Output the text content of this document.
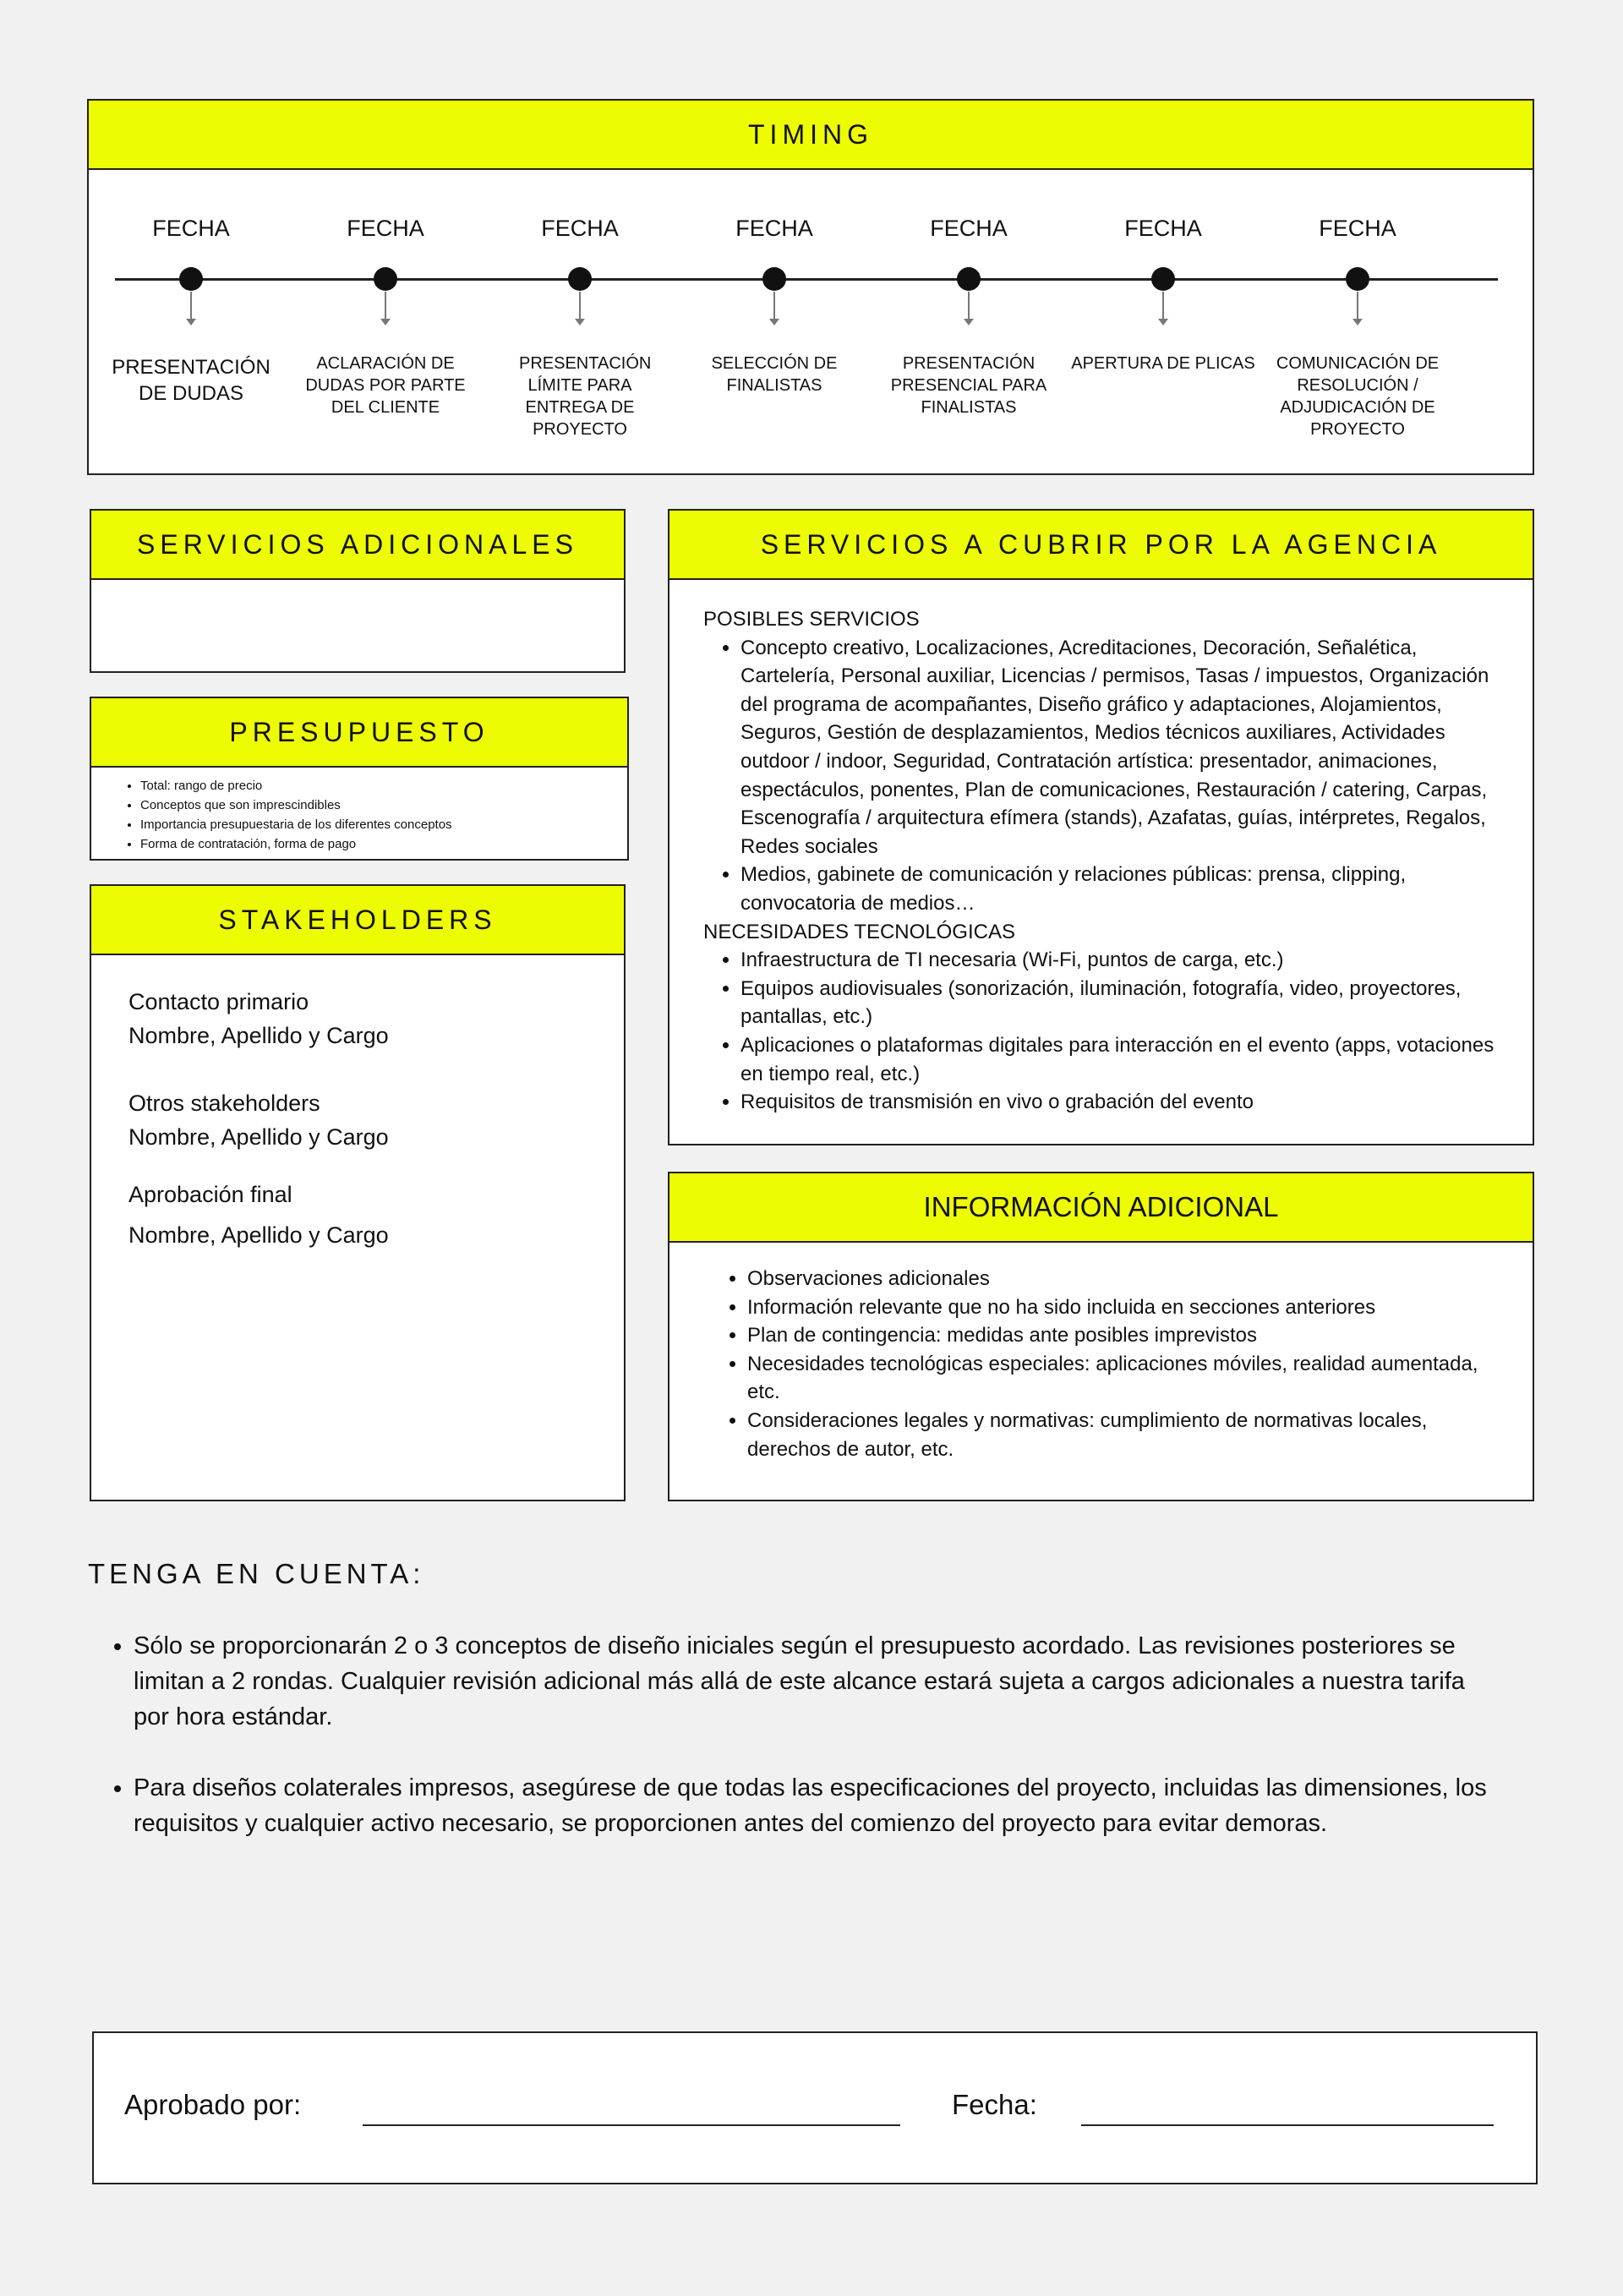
TIMING
FECHA
PRESENTACIÓN DE DUDAS
FECHA
ACLARACIÓN DE DUDAS POR PARTE DEL CLIENTE
FECHA
PRESENTACIÓN LÍMITE PARA ENTREGA DE PROYECTO
FECHA
SELECCIÓN DE FINALISTAS
FECHA
PRESENTACIÓN PRESENCIAL PARA FINALISTAS
FECHA
APERTURA DE PLICAS
FECHA
COMUNICACIÓN DE RESOLUCIÓN / ADJUDICACIÓN DE PROYECTO
SERVICIOS ADICIONALES
PRESUPUESTO
• Total: rango de precio
• Conceptos que son imprescindibles
• Importancia presupuestaria de los diferentes conceptos
• Forma de contratación, forma de pago
STAKEHOLDERS
Contacto primario
Nombre, Apellido y Cargo
Otros stakeholders
Nombre, Apellido y Cargo
Aprobación final
Nombre, Apellido y Cargo
SERVICIOS A CUBRIR POR LA AGENCIA
POSIBLES SERVICIOS
• Concepto creativo, Localizaciones, Acreditaciones, Decoración, Señalética, Cartelería, Personal auxiliar, Licencias / permisos, Tasas / impuestos, Organización del programa de acompañantes, Diseño gráfico y adaptaciones, Alojamientos, Seguros, Gestión de desplazamientos, Medios técnicos auxiliares, Actividades outdoor / indoor, Seguridad, Contratación artística: presentador, animaciones, espectáculos, ponentes, Plan de comunicaciones, Restauración / catering, Carpas, Escenografía / arquitectura efímera (stands), Azafatas, guías, intérpretes, Regalos, Redes sociales
• Medios, gabinete de comunicación y relaciones públicas: prensa, clipping, convocatoria de medios…
NECESIDADES TECNOLÓGICAS
• Infraestructura de TI necesaria (Wi-Fi, puntos de carga, etc.)
• Equipos audiovisuales (sonorización, iluminación, fotografía, video, proyectores, pantallas, etc.)
• Aplicaciones o plataformas digitales para interacción en el evento (apps, votaciones en tiempo real, etc.)
• Requisitos de transmisión en vivo o grabación del evento
INFORMACIÓN ADICIONAL
• Observaciones adicionales
• Información relevante que no ha sido incluida en secciones anteriores
• Plan de contingencia: medidas ante posibles imprevistos
• Necesidades tecnológicas especiales: aplicaciones móviles, realidad aumentada, etc.
• Consideraciones legales y normativas: cumplimiento de normativas locales, derechos de autor, etc.
TENGA EN CUENTA:
• Sólo se proporcionarán 2 o 3 conceptos de diseño iniciales según el presupuesto acordado. Las revisiones posteriores se limitan a 2 rondas. Cualquier revisión adicional más allá de este alcance estará sujeta a cargos adicionales a nuestra tarifa por hora estándar.
• Para diseños colaterales impresos, asegúrese de que todas las especificaciones del proyecto, incluidas las dimensiones, los requisitos y cualquier activo necesario, se proporcionen antes del comienzo del proyecto para evitar demoras.
Aprobado por:	Fecha:
